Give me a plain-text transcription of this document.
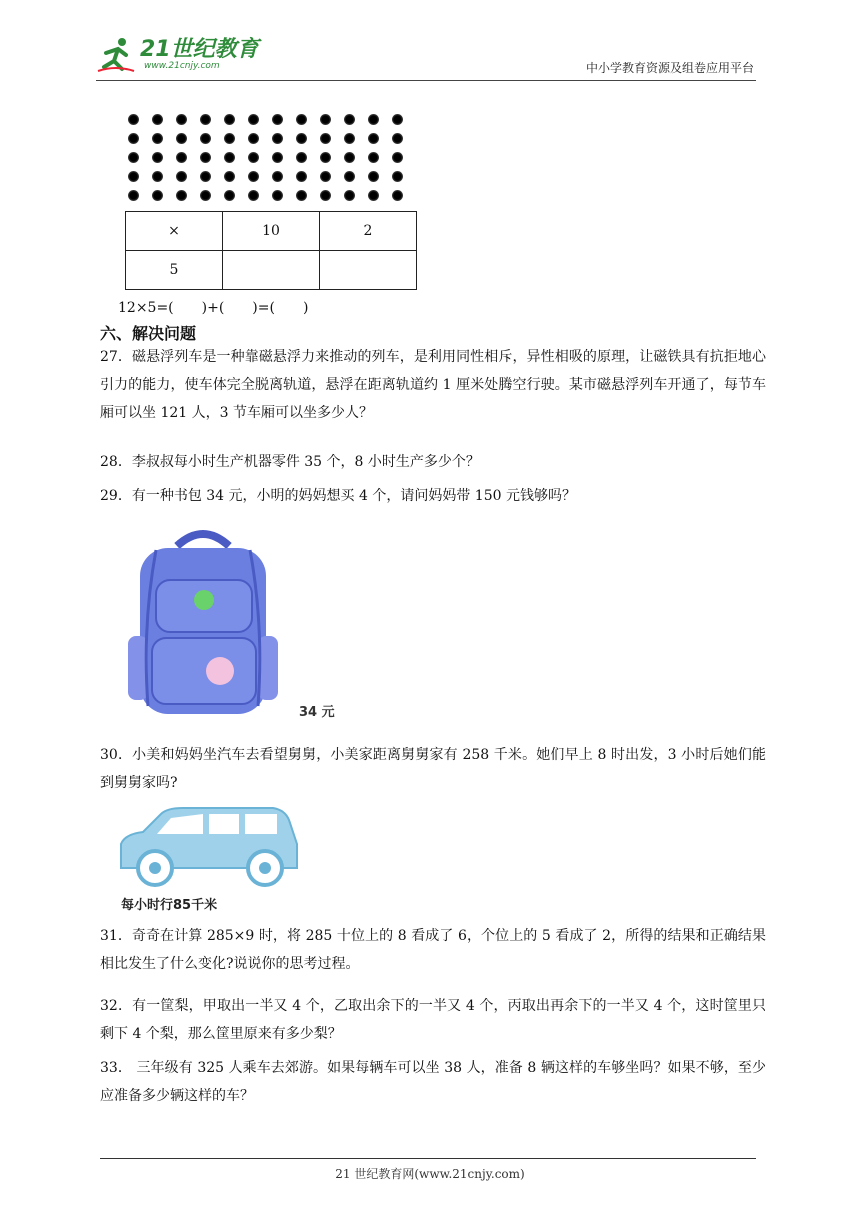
21世纪教育
www.21cnjy.com	中小学教育资源及组卷应用平台
×	10	2
5		
12×5=(　　)+(　　)=(　　)
六、解决问题
27．磁悬浮列车是一种靠磁悬浮力来推动的列车，是利用同性相斥，异性相吸的原理，让磁铁具有抗拒地心引力的能力，使车体完全脱离轨道，悬浮在距离轨道约 1 厘米处腾空行驶。某市磁悬浮列车开通了，每节车厢可以坐 121 人，3 节车厢可以坐多少人？
28．李叔叔每小时生产机器零件 35 个，8 小时生产多少个？
29．有一种书包 34 元，小明的妈妈想买 4 个，请问妈妈带 150 元钱够吗？
34 元
30．小美和妈妈坐汽车去看望舅舅，小美家距离舅舅家有 258 千米。她们早上 8 时出发，3 小时后她们能到舅舅家吗?
每小时行85千米
31．奇奇在计算 285×9 时，将 285 十位上的 8 看成了 6，个位上的 5 看成了 2，所得的结果和正确结果相比发生了什么变化?说说你的思考过程。
32．有一筐梨，甲取出一半又 4 个，乙取出余下的一半又 4 个，丙取出再余下的一半又 4 个，这时筐里只剩下 4 个梨，那么筐里原来有多少梨？
33． 三年级有 325 人乘车去郊游。如果每辆车可以坐 38 人，准备 8 辆这样的车够坐吗？如果不够，至少应准备多少辆这样的车？
21 世纪教育网(www.21cnjy.com)
